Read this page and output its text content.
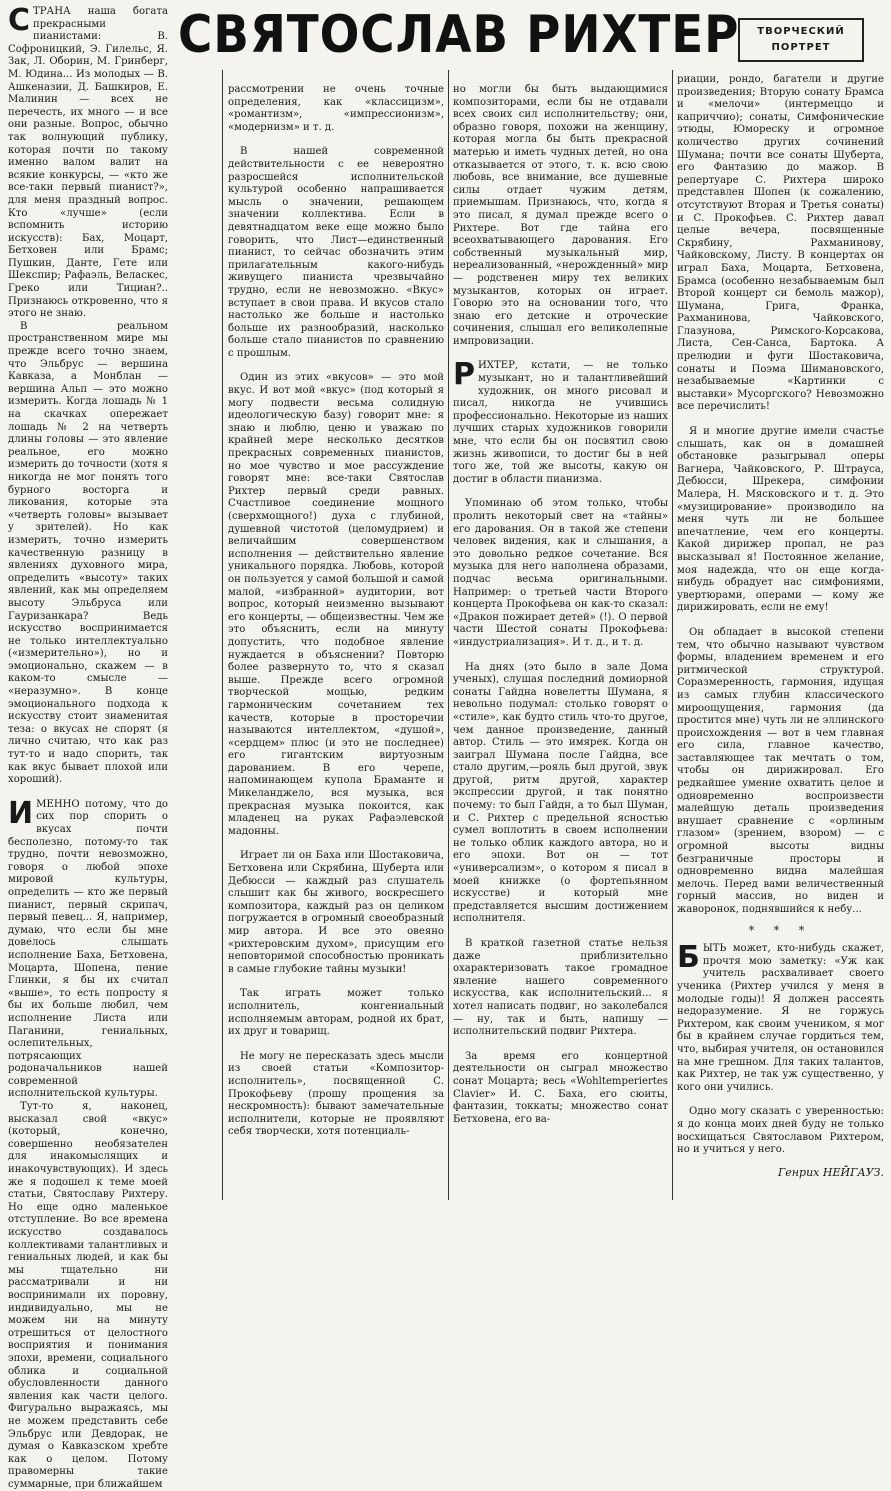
СВЯТОСЛАВ РИХТЕР	ТВОРЧЕСКИЙ
ПОРТРЕТ

СТРАНА наша богата прекрасными пианистами: В. Софроницкий, Э. Гилельс, Я. Зак, Л. Оборин, М. Гринберг, М. Юдина... Из молодых — В. Ашкеназии, Д. Башкиров, Е. Малинин — всех не перечесть, их много — и все они разные. Вопрос, обычно так волнующий публику, которая почти по такому именно валом валит на всякие конкурсы, — «кто же все-таки первый пианист?», для меня праздный вопрос. Кто «лучше» (если вспомнить историю искусств): Бах, Моцарт, Бетховен или Брамс; Пушкин, Данте, Гете или Шекспир; Рафаэль, Веласкес, Греко или Тициан?.. Признаюсь откровенно, что я этого не знаю.

В реальном пространственном мире мы прежде всего точно знаем, что Эльбрус — вершина Кавказа, а Монблан — вершина Альп — это можно измерить. Когда лошадь № 1 на скачках опережает лошадь № 2 на четверть длины головы — это явление реальное, его можно измерить до точности (хотя я никогда не мог понять того бурного восторга и ликования, которые эта «четверть головы» вызывает у зрителей). Но как измерить, точно измерить качественную разницу в явлениях духовного мира, определить «высоту» таких явлений, как мы определяем высоту Эльбруса или Гауризанкара? Ведь искусство воспринимается не только интеллектуально («измерительно»), но и эмоционально, скажем — в каком-то смысле — «неразумно». В конце эмоционального подхода к искусству стоит знаменитая теза: о вкусах не спорят (я лично считаю, что как раз тут-то и надо спорить, так как вкус бывает плохой или хороший).

ИМЕННО потому, что до сих пор спорить о вкусах почти бесполезно, потому-то так трудно, почти невозможно, говоря о любой эпохе мировой культуры, определить — кто же первый пианист, первый скрипач, первый певец... Я, например, думаю, что если бы мне довелось слышать исполнение Баха, Бетховена, Моцарта, Шопена, пение Глинки, я бы их считал «выше», то есть попросту я бы их больше любил, чем исполнение Листа или Паганини, гениальных, ослепительных, потрясающих родоначальников нашей современной исполнительской культуры.

Тут-то я, наконец, высказал свой «вкус» (который, конечно, совершенно необязателен для инакомыслящих и инакочувствующих). И здесь же я подошел к теме моей статьи, Святославу Рихтеру. Но еще одно маленькое отступление. Во все времена искусство создавалось коллективами талантливых и гениальных людей, и как бы мы тщательно ни рассматривали и ни воспринимали их поровну, индивидуально, мы не можем ни на минуту отрешиться от целостного восприятия и понимания эпохи, времени, социального облика и социальной обусловленности данного явления как части целого. Фигурально выражаясь, мы не можем представить себе Эльбрус или Девдорак, не думая о Кавказском хребте как о целом. Потому правомерны такие суммарные, при ближайшем

рассмотрении не очень точные определения, как «классицизм», «романтизм», «импрессионизм», «модернизм» и т. д.

В нашей современной действительности с ее невероятно разросшейся исполнительской культурой особенно напрашивается мысль о значении, решающем значении коллектива. Если в девятнадцатом веке еще можно было говорить, что Лист—единственный пианист, то сейчас обозначить этим прилагательным какого-нибудь живущего пианиста чрезвычайно трудно, если не невозможно. «Вкус» вступает в свои права. И вкусов стало настолько же больше и настолько больше их разнообразий, насколько больше стало пианистов по сравнению с прошлым.

Один из этих «вкусов» — это мой вкус. И вот мой «вкус» (под который я могу подвести весьма солидную идеологическую базу) говорит мне: я знаю и люблю, ценю и уважаю по крайней мере несколько десятков прекрасных современных пианистов, но мое чувство и мое рассуждение говорят мне: все-таки Святослав Рихтер первый среди равных. Счастливое соединение мощного (сверхмощного!) духа с глубиной, душевной чистотой (целомудрием) и величайшим совершенством исполнения — действительно явление уникального порядка. Любовь, которой он пользуется у самой большой и самой малой, «избранной» аудитории, вот вопрос, который неизменно вызывают его концерты, — общеизвестны. Чем же это объяснить, если на минуту допустить, что подобное явление нуждается в объяснении? Повторю более развернуто то, что я сказал выше. Прежде всего огромной творческой мощью, редким гармоническим сочетанием тех качеств, которые в просторечии называются интеллектом, «душой», «сердцем» плюс (и это не последнее) его гигантским виртуозным дарованием. В его черепе, напоминающем купола Браманте и Микеланджело, вся музыка, вся прекрасная музыка покоится, как младенец на руках Рафаэлевской мадонны.

Играет ли он Баха или Шостаковича, Бетховена или Скрябина, Шуберта или Дебюсси — каждый раз слушатель слышит как бы живого, воскресшего композитора, каждый раз он целиком погружается в огромный своеобразный мир автора. И все это овеяно «рихтеровским духом», присущим его неповторимой способностью проникать в самые глубокие тайны музыки!

Так играть может только исполнитель, конгениальный исполняемым авторам, родной их брат, их друг и товарищ.

Не могу не пересказать здесь мысли из своей статьи «Композитор-исполнитель», посвященной С. Прокофьеву (прошу прощения за нескромность): бывают замечательные исполнители, которые не проявляют себя творчески, хотя потенциаль-

но могли бы быть выдающимися композиторами, если бы не отдавали всех своих сил исполнительству; они, образно говоря, похожи на женщину, которая могла бы быть прекрасной матерью и иметь чудных детей, но она отказывается от этого, т. к. всю свою любовь, все внимание, все душевные силы отдает чужим детям, приемышам. Признаюсь, что, когда я это писал, я думал прежде всего о Рихтере. Вот где тайна его всеохватывающего дарования. Его собственный музыкальный мир, нереализованный, «нерожденный» мир — родственен миру тех великих музыкантов, которых он играет. Говорю это на основании того, что знаю его детские и отроческие сочинения, слышал его великолепные импровизации.

РИХТЕР, кстати, — не только музыкант, но и талантливейший художник, он много рисовал и писал, никогда не учившись профессионально. Некоторые из наших лучших старых художников говорили мне, что если бы он посвятил свою жизнь живописи, то достиг бы в ней того же, той же высоты, какую он достиг в области пианизма.

Упоминаю об этом только, чтобы пролить некоторый свет на «тайны» его дарования. Он в такой же степени человек видения, как и слышания, а это довольно редкое сочетание. Вся музыка для него наполнена образами, подчас весьма оригинальными. Например: о третьей части Второго концерта Прокофьева он как-то сказал: «Дракон пожирает детей» (!). О первой части Шестой сонаты Прокофьева: «индустриализация». И т. д., и т. д.

На днях (это было в зале Дома ученых), слушая последний домиорной сонаты Гайдна новелетты Шумана, я невольно подумал: столько говорят о «стиле», как будто стиль что-то другое, чем данное произведение, данный автор. Стиль — это имярек. Когда он заиграл Шумана после Гайдна, все стало другим,—рояль был другой, звук другой, ритм другой, характер экспрессии другой, и так понятно почему: то был Гайдн, а то был Шуман, и С. Рихтер с предельной ясностью сумел воплотить в своем исполнении не только облик каждого автора, но и его эпохи. Вот он — тот «универсализм», о котором я писал в моей книжке (о фортепьянном искусстве) и который мне представляется высшим достижением исполнителя.

В краткой газетной статье нельзя даже приблизительно охарактеризовать такое громадное явление нашего современного искусства, как исполнительский... я хотел написать подвиг, но заколебался — ну, так и быть, напишу — исполнительский подвиг Рихтера.

За время его концертной деятельности он сыграл множество сонат Моцарта; весь «Wohltemperiertes Clavier» И. С. Баха, его сюиты, фантазии, токкаты; множество сонат Бетховена, его ва-

риации, рондо, багатели и другие произведения; Вторую сонату Брамса и «мелочи» (интермеццо и каприччио); сонаты, Симфонические этюды, Юмореску и огромное количество других сочинений Шумана; почти все сонаты Шуберта, его Фантазию до мажор. В репертуаре С. Рихтера широко представлен Шопен (к сожалению, отсутствуют Вторая и Третья сонаты) и С. Прокофьев. С. Рихтер давал целые вечера, посвященные Скрябину, Рахманинову, Чайковскому, Листу. В концертах он играл Баха, Моцарта, Бетховена, Брамса (особенно незабываемым был Второй концерт си бемоль мажор), Шумана, Грига, Франка, Рахманинова, Чайковского, Глазунова, Римского-Корсакова, Листа, Сен-Санса, Бартока. А прелюдии и фуги Шостаковича, сонаты и Поэма Шимановского, незабываемые «Картинки с выставки» Мусоргского? Невозможно все перечислить!

Я и многие другие имели счастье слышать, как он в домашней обстановке разыгрывал оперы Вагнера, Чайковского, Р. Штрауса, Дебюсси, Шрекера, симфонии Малера, Н. Мясковского и т. д. Это «музицирование» производило на меня чуть ли не большее впечатление, чем его концерты. Какой дирижер пропал, не раз высказывал я! Постоянное желание, моя надежда, что он еще когда-нибудь обрадует нас симфониями, увертюрами, операми — кому же дирижировать, если не ему!

Он обладает в высокой степени тем, что обычно называют чувством формы, владением временем и его ритмической структурой. Соразмеренность, гармония, идущая из самых глубин классического мироощущения, гармония (да простится мне) чуть ли не эллинского происхождения — вот в чем главная его сила, главное качество, заставляющее так мечтать о том, чтобы он дирижировал. Его редкайшее умение охватить целое и одновременно воспроизвести малейшую деталь произведения внушает сравнение с «орлиным глазом» (зрением, взором) — с огромной высоты видны безграничные просторы и одновременно видна малейшая мелочь. Перед вами величественный горный массив, но виден и жаворонок, поднявшийся к небу...

* * *

БЫТЬ может, кто-нибудь скажет, прочтя мою заметку: «Уж как учитель расхваливает своего ученика (Рихтер учился у меня в молодые годы)! Я должен рассеять недоразумение. Я не горжусь Рихтером, как своим учеником, я мог бы в крайнем случае гордиться тем, что, выбирая учителя, он остановился на мне грешном. Для таких талантов, как Рихтер, не так уж существенно, у кого они учились.

Одно могу сказать с уверенностью: я до конца моих дней буду не только восхищаться Святославом Рихтером, но и учиться у него.

Генрих НЕЙГАУЗ.
